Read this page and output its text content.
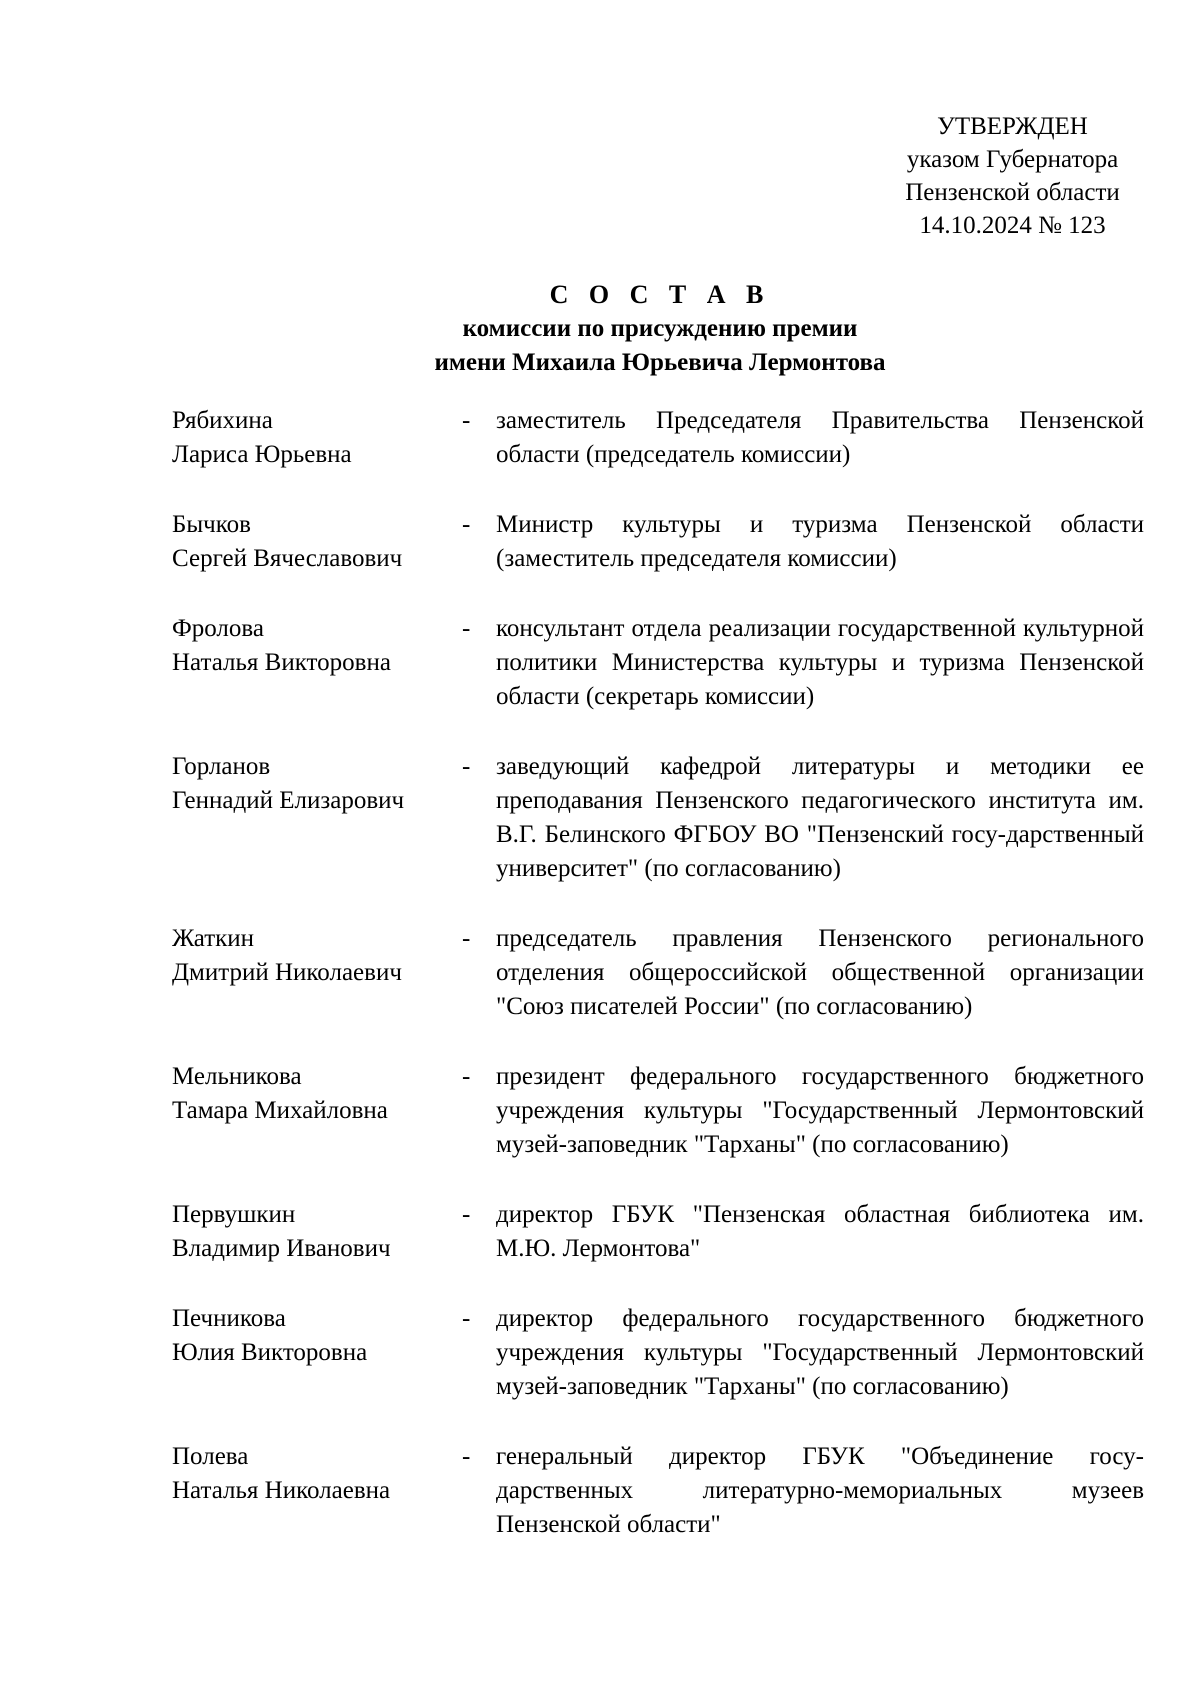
УТВЕРЖДЕН
указом Губернатора
Пензенской области
14.10.2024 № 123
С О С Т А В
комиссии по присуждению премии
имени Михаила Юрьевича Лермонтова
Рябихина
Лариса Юрьевна
-	заместитель Председателя Правительства Пензенской области (председатель комиссии)
Бычков
Сергей Вячеславович
-	Министр культуры и туризма Пензенской области (заместитель председателя комиссии)
Фролова
Наталья Викторовна
-	консультант отдела реализации государственной культурной политики Министерства культуры и туризма Пензенской области (секретарь комиссии)
Горланов
Геннадий Елизарович
-	заведующий кафедрой литературы и методики ее преподавания Пензенского педагогического института им. В.Г. Белинского ФГБОУ ВО "Пензенский госу-дарственный университет" (по согласованию)
Жаткин
Дмитрий Николаевич
-	председатель правления Пензенского регионального отделения общероссийской общественной организации "Союз писателей России" (по согласованию)
Мельникова
Тамара Михайловна
-	президент федерального государственного бюджетного учреждения культуры "Государственный Лермонтовский музей-заповедник "Тарханы" (по согласованию)
Первушкин
Владимир Иванович
-	директор ГБУК "Пензенская областная библиотека им. М.Ю. Лермонтова"
Печникова
Юлия Викторовна
-	директор федерального государственного бюджетного учреждения культуры "Государственный Лермонтовский музей-заповедник "Тарханы" (по согласованию)
Полева
Наталья Николаевна
-	генеральный директор ГБУК "Объединение госу-дарственных литературно-мемориальных музеев Пензенской области"
